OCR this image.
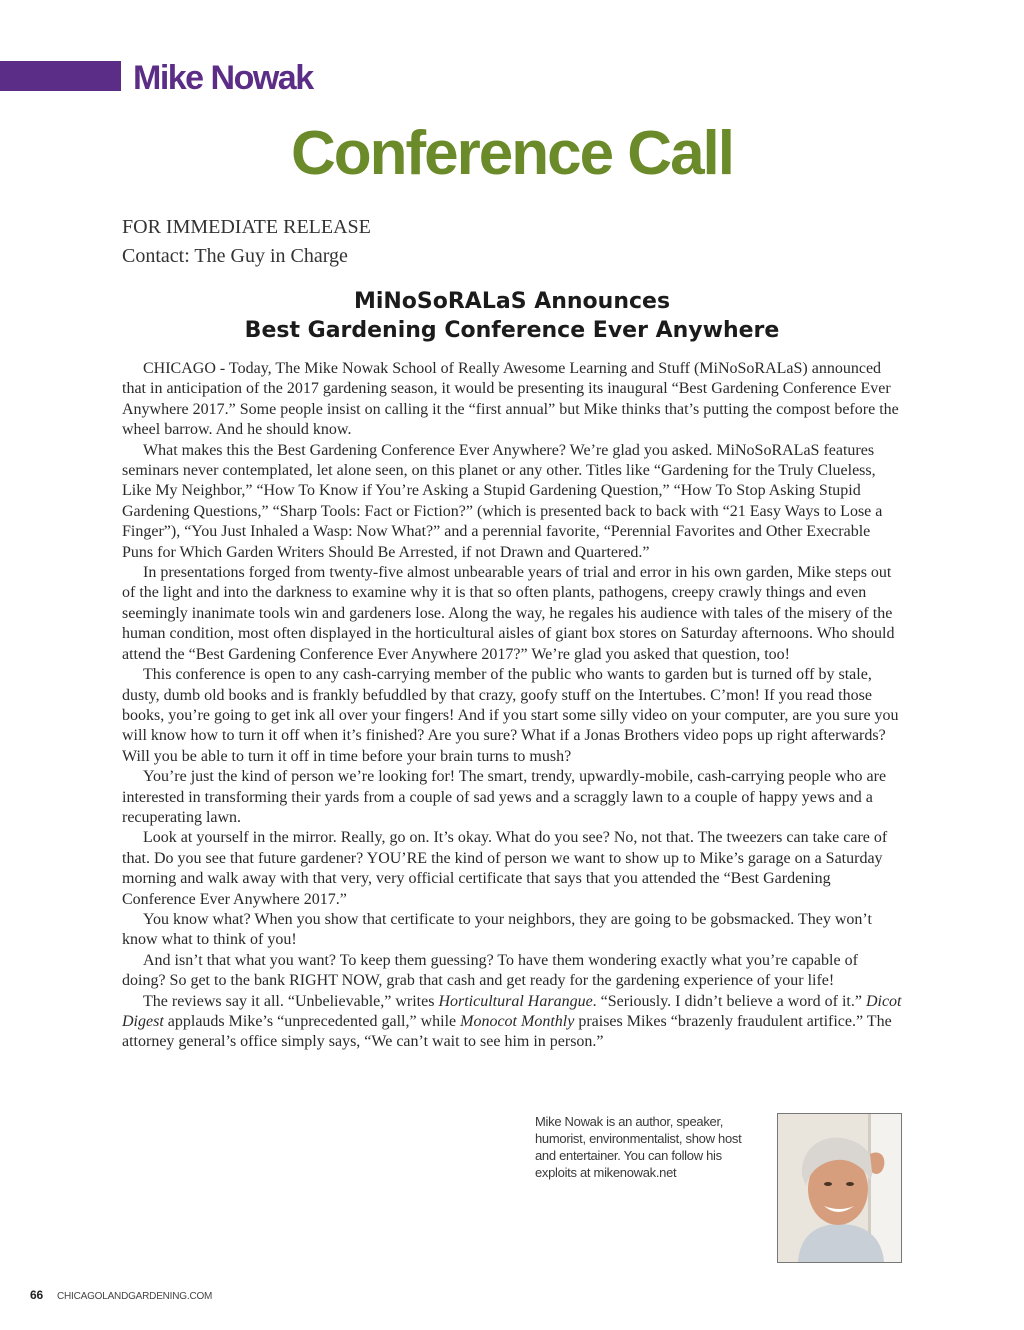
Mike Nowak
Conference Call
FOR IMMEDIATE RELEASE
Contact: The Guy in Charge
MiNoSoRALaS Announces
Best Gardening Conference Ever Anywhere

CHICAGO - Today, The Mike Nowak School of Really Awesome Learning and Stuff (MiNoSoRALaS) announced that in anticipation of the 2017 gardening season, it would be presenting its inaugural “Best Gardening Conference Ever Anywhere 2017.” Some people insist on calling it the “first annual” but Mike thinks that’s putting the compost before the wheel barrow. And he should know.

What makes this the Best Gardening Conference Ever Anywhere? We’re glad you asked. MiNoSoRALaS features seminars never contemplated, let alone seen, on this planet or any other. Titles like “Gardening for the Truly Clueless, Like My Neighbor,” “How To Know if You’re Asking a Stupid Gardening Question,” “How To Stop Asking Stupid Gardening Questions,” “Sharp Tools: Fact or Fiction?” (which is presented back to back with “21 Easy Ways to Lose a Finger”), “You Just Inhaled a Wasp: Now What?” and a perennial favorite, “Perennial Favorites and Other Execrable Puns for Which Garden Writers Should Be Arrested, if not Drawn and Quartered.”

In presentations forged from twenty-five almost unbearable years of trial and error in his own garden, Mike steps out of the light and into the darkness to examine why it is that so often plants, pathogens, creepy crawly things and even seemingly inanimate tools win and gardeners lose. Along the way, he regales his audience with tales of the misery of the human condition, most often displayed in the horticultural aisles of giant box stores on Saturday afternoons. Who should attend the “Best Gardening Conference Ever Anywhere 2017?” We’re glad you asked that question, too!

This conference is open to any cash-carrying member of the public who wants to garden but is turned off by stale, dusty, dumb old books and is frankly befuddled by that crazy, goofy stuff on the Intertubes. C’mon! If you read those books, you’re going to get ink all over your fingers! And if you start some silly video on your computer, are you sure you will know how to turn it off when it’s finished? Are you sure? What if a Jonas Brothers video pops up right afterwards? Will you be able to turn it off in time before your brain turns to mush?

You’re just the kind of person we’re looking for! The smart, trendy, upwardly-mobile, cash-carrying people who are interested in transforming their yards from a couple of sad yews and a scraggly lawn to a couple of happy yews and a recuperating lawn.

Look at yourself in the mirror. Really, go on. It’s okay. What do you see? No, not that. The tweezers can take care of that. Do you see that future gardener? YOU’RE the kind of person we want to show up to Mike’s garage on a Saturday morning and walk away with that very, very official certificate that says that you attended the “Best Gardening Conference Ever Anywhere 2017.”

You know what? When you show that certificate to your neighbors, they are going to be gobsmacked. They won’t know what to think of you!

And isn’t that what you want? To keep them guessing? To have them wondering exactly what you’re capable of doing? So get to the bank RIGHT NOW, grab that cash and get ready for the gardening experience of your life!

The reviews say it all. “Unbelievable,” writes Horticultural Harangue. “Seriously. I didn’t believe a word of it.” Dicot Digest applauds Mike’s “unprecedented gall,” while Monocot Monthly praises Mikes “brazenly fraudulent artifice.” The attorney general’s office simply says, “We can’t wait to see him in person.”

Mike Nowak is an author, speaker, humorist, environmentalist, show host and entertainer. You can follow his exploits at mikenowak.net
66 CHICAGOLANDGARDENING.COM
